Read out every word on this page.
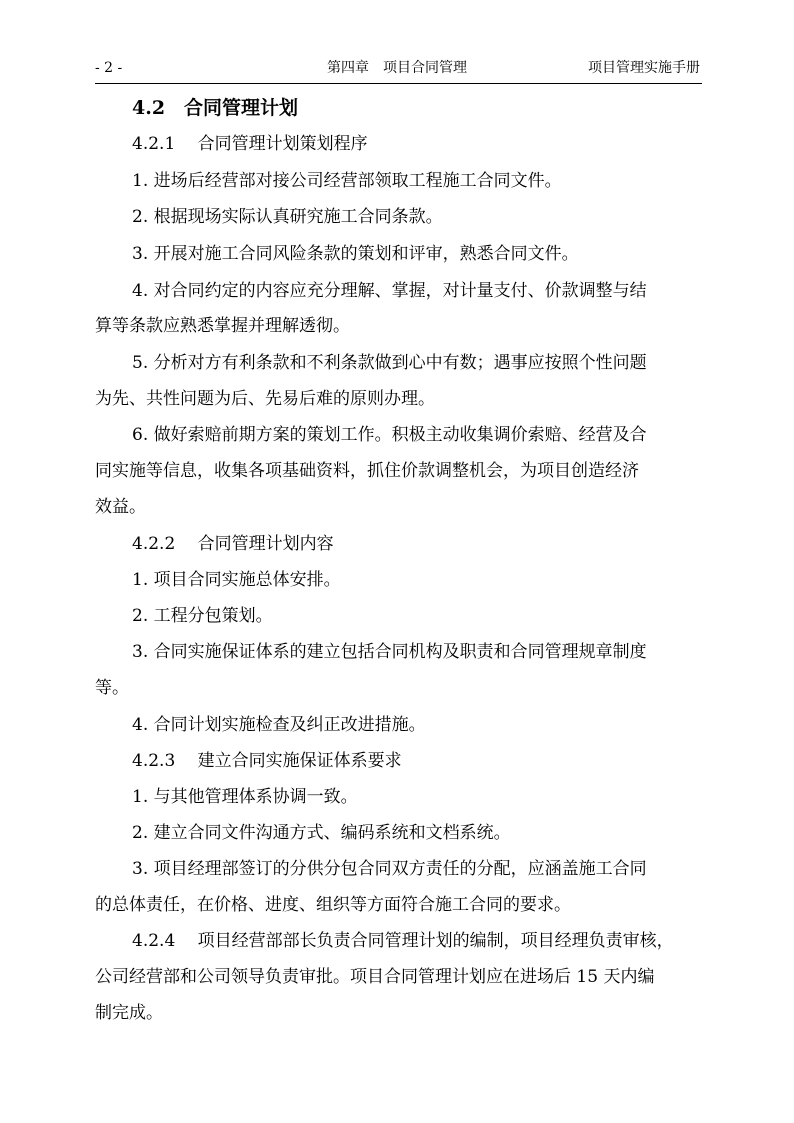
- 2 -	第四章　项目合同管理	项目管理实施手册
4.2　合同管理计划
4.2.1　 合同管理计划策划程序
1. 进场后经营部对接公司经营部领取工程施工合同文件。
2. 根据现场实际认真研究施工合同条款。
3. 开展对施工合同风险条款的策划和评审，熟悉合同文件。
4. 对合同约定的内容应充分理解、掌握，对计量支付、价款调整与结
算等条款应熟悉掌握并理解透彻。
5. 分析对方有利条款和不利条款做到心中有数；遇事应按照个性问题
为先、共性问题为后、先易后难的原则办理。
6. 做好索赔前期方案的策划工作。积极主动收集调价索赔、经营及合
同实施等信息，收集各项基础资料，抓住价款调整机会，为项目创造经济
效益。
4.2.2　 合同管理计划内容
1. 项目合同实施总体安排。
2. 工程分包策划。
3. 合同实施保证体系的建立包括合同机构及职责和合同管理规章制度
等。
4. 合同计划实施检查及纠正改进措施。
4.2.3　 建立合同实施保证体系要求
1. 与其他管理体系协调一致。
2. 建立合同文件沟通方式、编码系统和文档系统。
3. 项目经理部签订的分供分包合同双方责任的分配，应涵盖施工合同
的总体责任，在价格、进度、组织等方面符合施工合同的要求。
4.2.4　 项目经营部部长负责合同管理计划的编制，项目经理负责审核，
公司经营部和公司领导负责审批。项目合同管理计划应在进场后 15 天内编
制完成。
